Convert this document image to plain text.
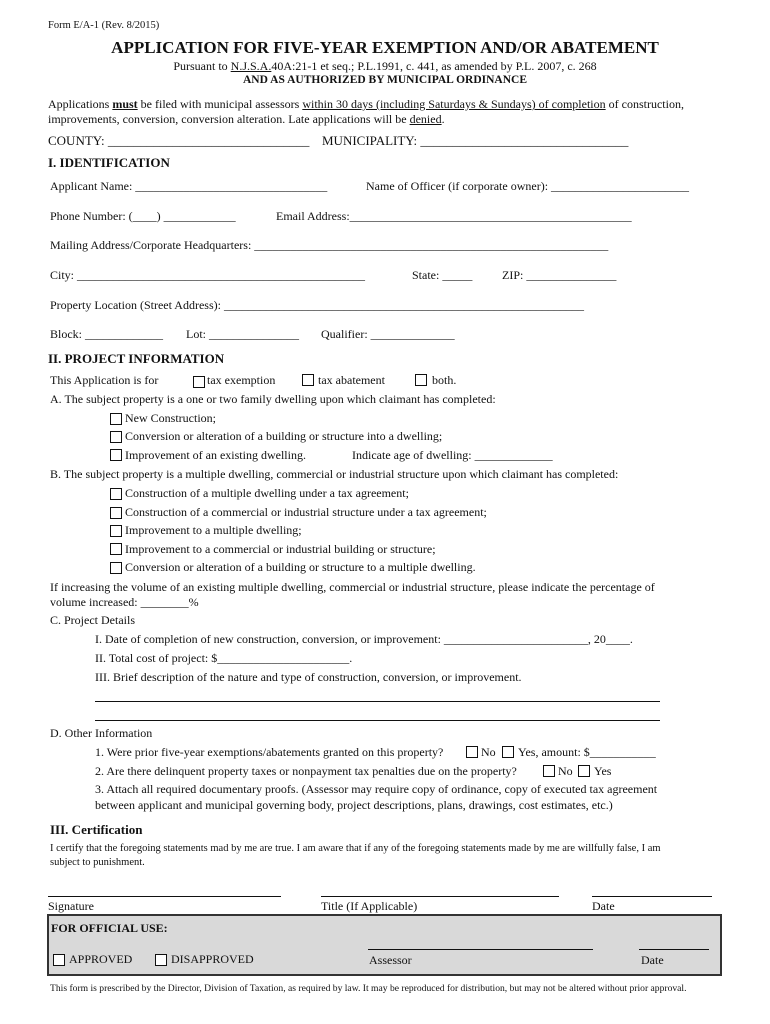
Form E/A-1 (Rev. 8/2015)
APPLICATION FOR FIVE-YEAR EXEMPTION AND/OR ABATEMENT
Pursuant to N.J.S.A.40A:21-1 et seq.; P.L.1991, c. 441, as amended by P.L. 2007, c. 268
AND AS AUTHORIZED BY MUNICIPAL ORDINANCE
Applications must be filed with municipal assessors within 30 days (including Saturdays & Sundays) of completion of construction,
improvements, conversion, conversion alteration. Late applications will be denied.
COUNTY: _______________________________ MUNICIPALITY: ________________________________
I. IDENTIFICATION
Applicant Name: ________________________________	Name of Officer (if corporate owner): _______________________
Phone Number: (____) ____________	Email Address:_______________________________________________
Mailing Address/Corporate Headquarters: ___________________________________________________________
City: ________________________________________________	State: _____ ZIP: _______________
Property Location (Street Address): ____________________________________________________________
Block: _____________ Lot: _______________ Qualifier: ______________
II. PROJECT INFORMATION
This Application is for	tax exemption	tax abatement	both.
A. The subject property is a one or two family dwelling upon which claimant has completed:
New Construction;
Conversion or alteration of a building or structure into a dwelling;
Improvement of an existing dwelling.	Indicate age of dwelling: _____________
B. The subject property is a multiple dwelling, commercial or industrial structure upon which claimant has completed:
Construction of a multiple dwelling under a tax agreement;
Construction of a commercial or industrial structure under a tax agreement;
Improvement to a multiple dwelling;
Improvement to a commercial or industrial building or structure;
Conversion or alteration of a building or structure to a multiple dwelling.
If increasing the volume of an existing multiple dwelling, commercial or industrial structure, please indicate the percentage of
volume increased: ________%
C. Project Details
I. Date of completion of new construction, conversion, or improvement: ________________________, 20____.
II. Total cost of project: $______________________.
III. Brief description of the nature and type of construction, conversion, or improvement.
D. Other Information
1. Were prior five-year exemptions/abatements granted on this property?	No Yes, amount: $___________
2. Are there delinquent property taxes or nonpayment tax penalties due on the property?	No Yes
3. Attach all required documentary proofs. (Assessor may require copy of ordinance, copy of executed tax agreement
between applicant and municipal governing body, project descriptions, plans, drawings, cost estimates, etc.)
III. Certification
I certify that the foregoing statements mad by me are true. I am aware that if any of the foregoing statements made by me are willfully false, I am
subject to punishment.
Signature	Title (If Applicable)	Date
FOR OFFICIAL USE:
APPROVED	DISAPPROVED	Assessor	Date
This form is prescribed by the Director, Division of Taxation, as required by law. It may be reproduced for distribution, but may not be altered without prior approval.
